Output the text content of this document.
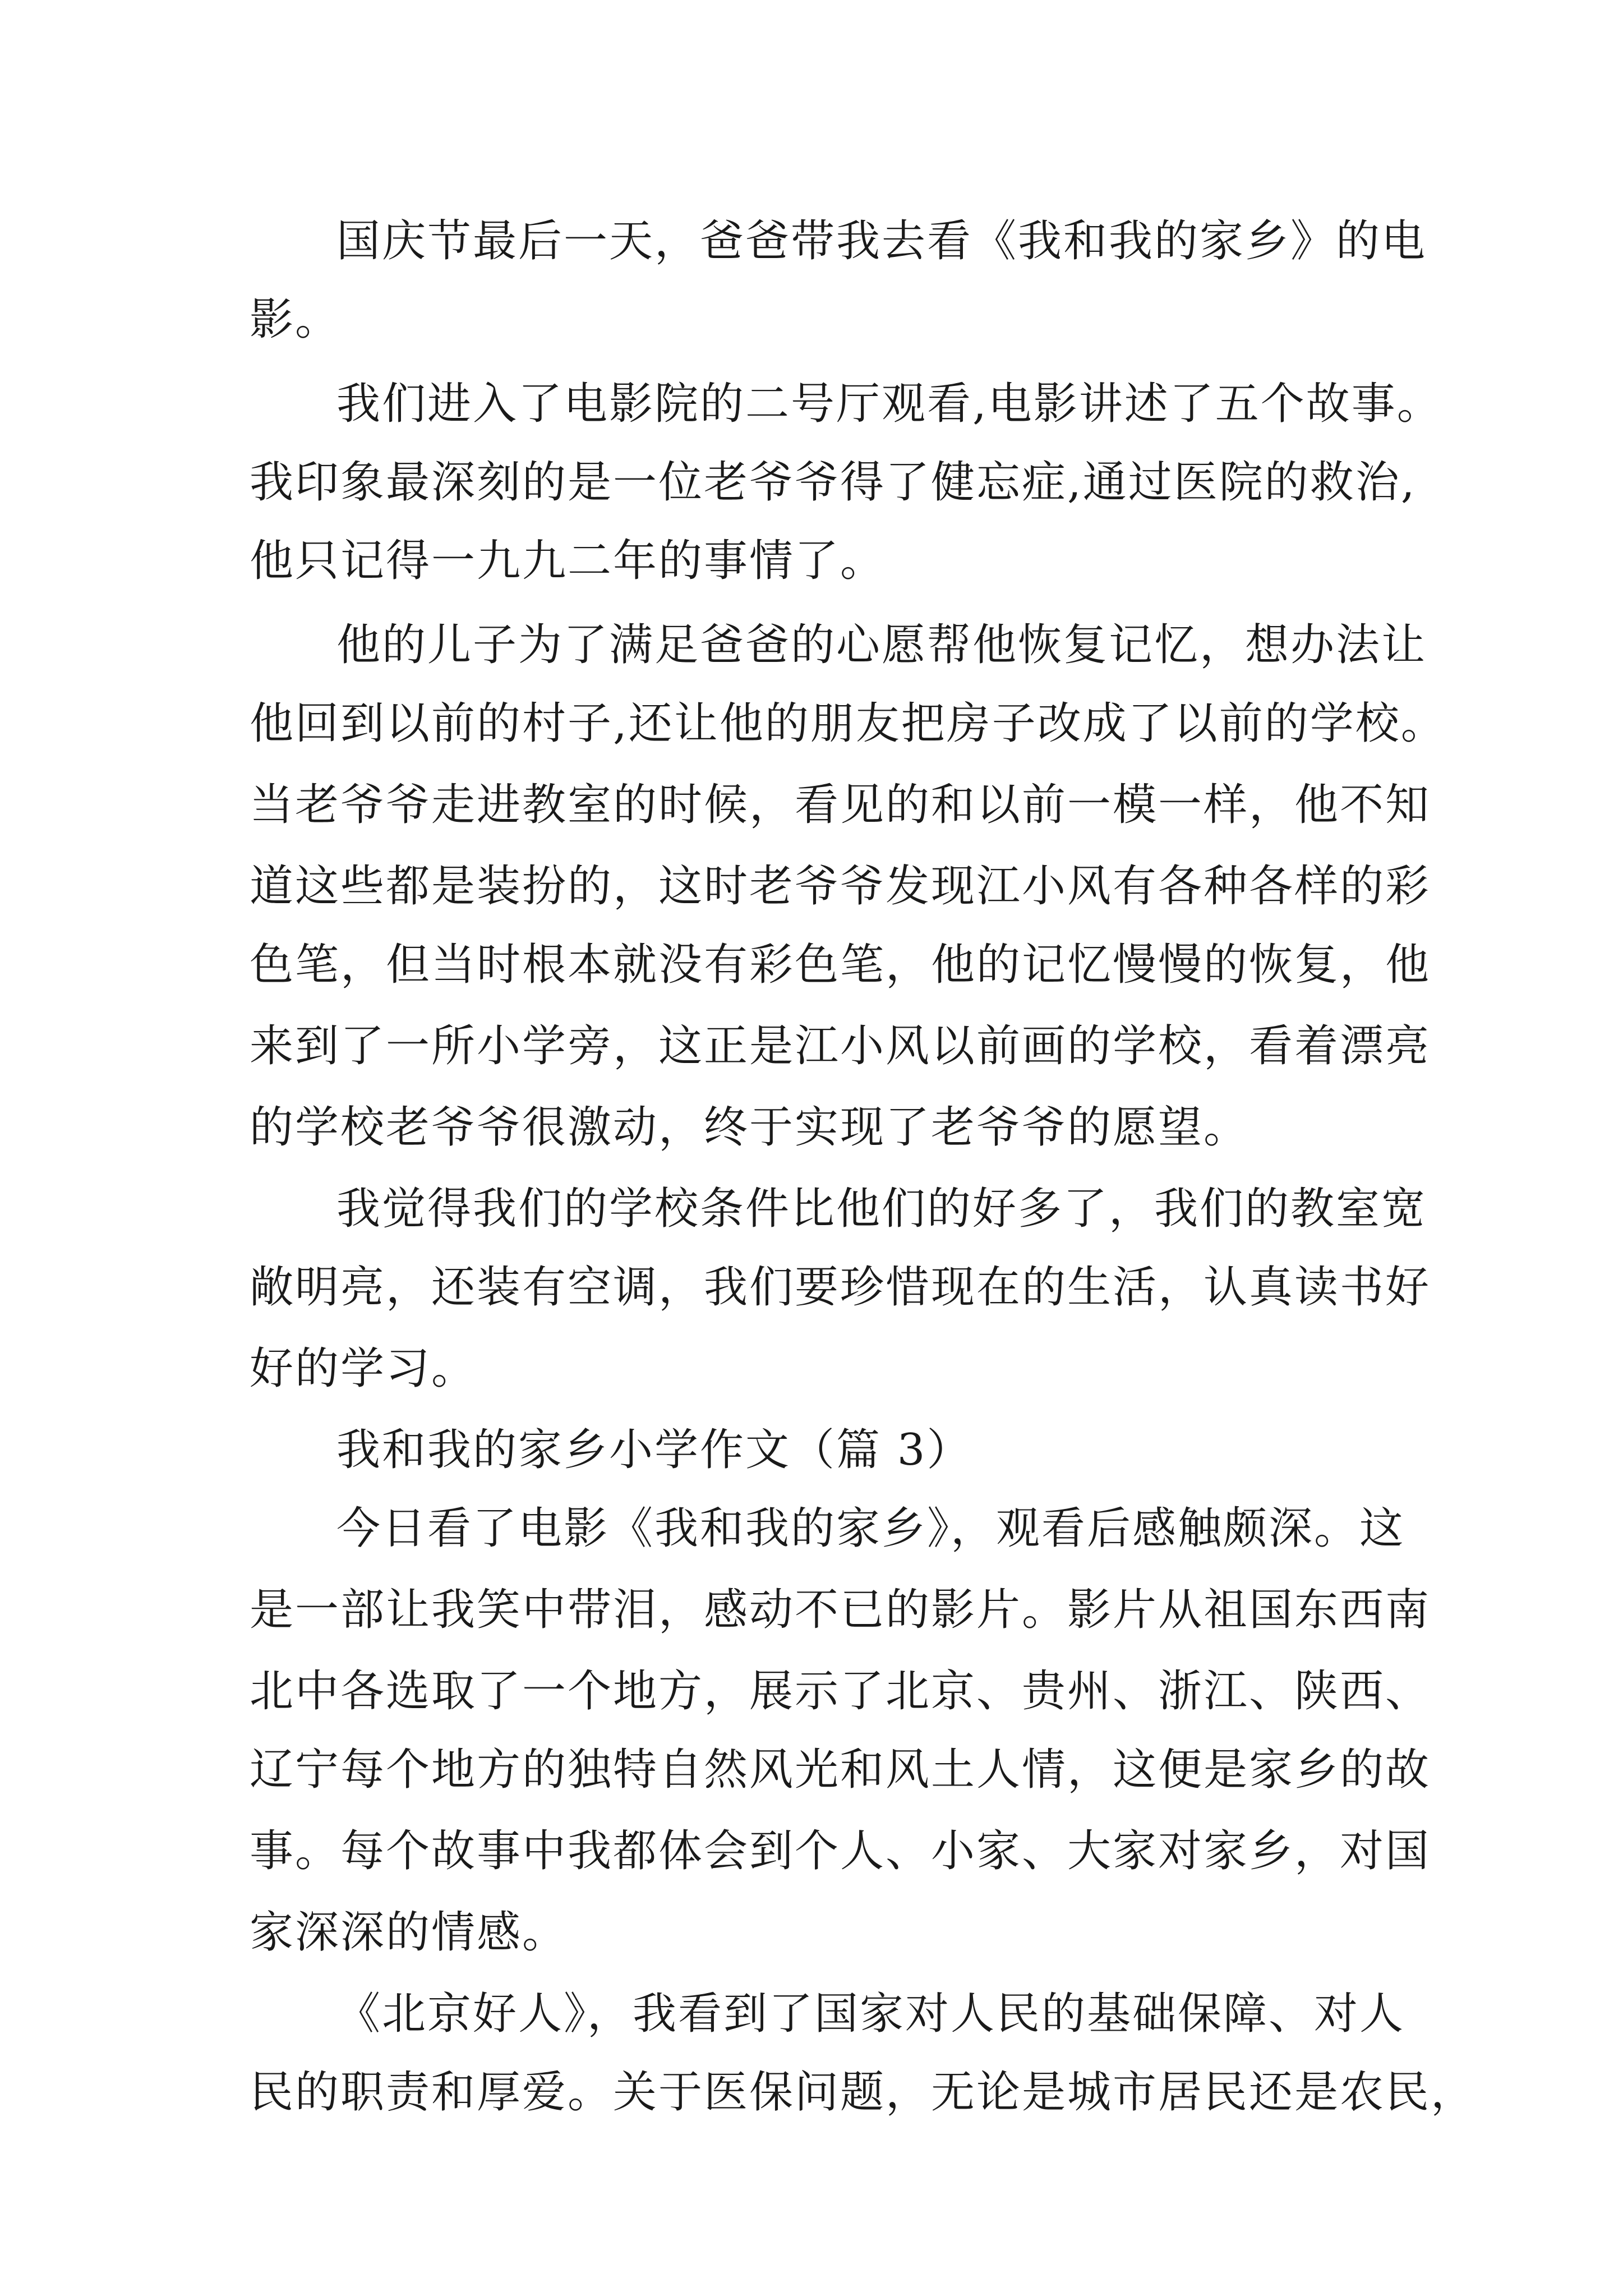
国庆节最后一天，爸爸带我去看《我和我的家乡》的电
影。
我们进入了电影院的二号厅观看,电影讲述了五个故事。
我印象最深刻的是一位老爷爷得了健忘症,通过医院的救治,
他只记得一九九二年的事情了。
他的儿子为了满足爸爸的心愿帮他恢复记忆，想办法让
他回到以前的村子,还让他的朋友把房子改成了以前的学校。
当老爷爷走进教室的时候，看见的和以前一模一样，他不知
道这些都是装扮的，这时老爷爷发现江小风有各种各样的彩
色笔，但当时根本就没有彩色笔，他的记忆慢慢的恢复，他
来到了一所小学旁，这正是江小风以前画的学校，看着漂亮
的学校老爷爷很激动，终于实现了老爷爷的愿望。
我觉得我们的学校条件比他们的好多了，我们的教室宽
敞明亮，还装有空调，我们要珍惜现在的生活，认真读书好
好的学习。
我和我的家乡小学作文（篇 3）
今日看了电影《我和我的家乡》，观看后感触颇深。这
是一部让我笑中带泪，感动不已的影片。影片从祖国东西南
北中各选取了一个地方，展示了北京、贵州、浙江、陕西、
辽宁每个地方的独特自然风光和风土人情，这便是家乡的故
事。每个故事中我都体会到个人、小家、大家对家乡，对国
家深深的情感。
《北京好人》，我看到了国家对人民的基础保障、对人
民的职责和厚爱。关于医保问题，无论是城市居民还是农民，
